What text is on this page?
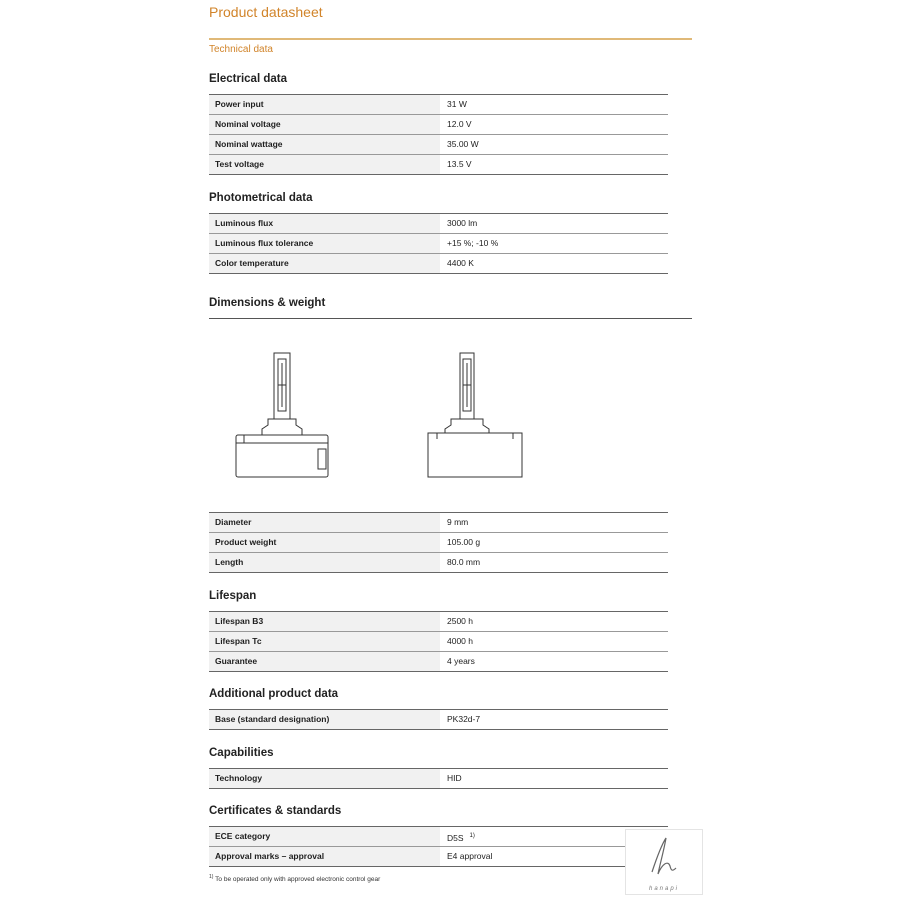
Product datasheet
Technical data
Electrical data
Power input	31 W
Nominal voltage	12.0 V
Nominal wattage	35.00 W
Test voltage	13.5 V
Photometrical data
Luminous flux	3000 lm
Luminous flux tolerance	+15 %; -10 %
Color temperature	4400 K
Dimensions & weight
Diameter	9 mm
Product weight	105.00 g
Length	80.0 mm
Lifespan
Lifespan B3	2500 h
Lifespan Tc	4000 h
Guarantee	4 years
Additional product data
Base (standard designation)	PK32d-7
Capabilities
Technology	HID
Certificates & standards
ECE category	D5S $^{1)}$
Approval marks – approval	E4 approval
$^{1)}$ To be operated only with approved electronic control gear
hanapi
